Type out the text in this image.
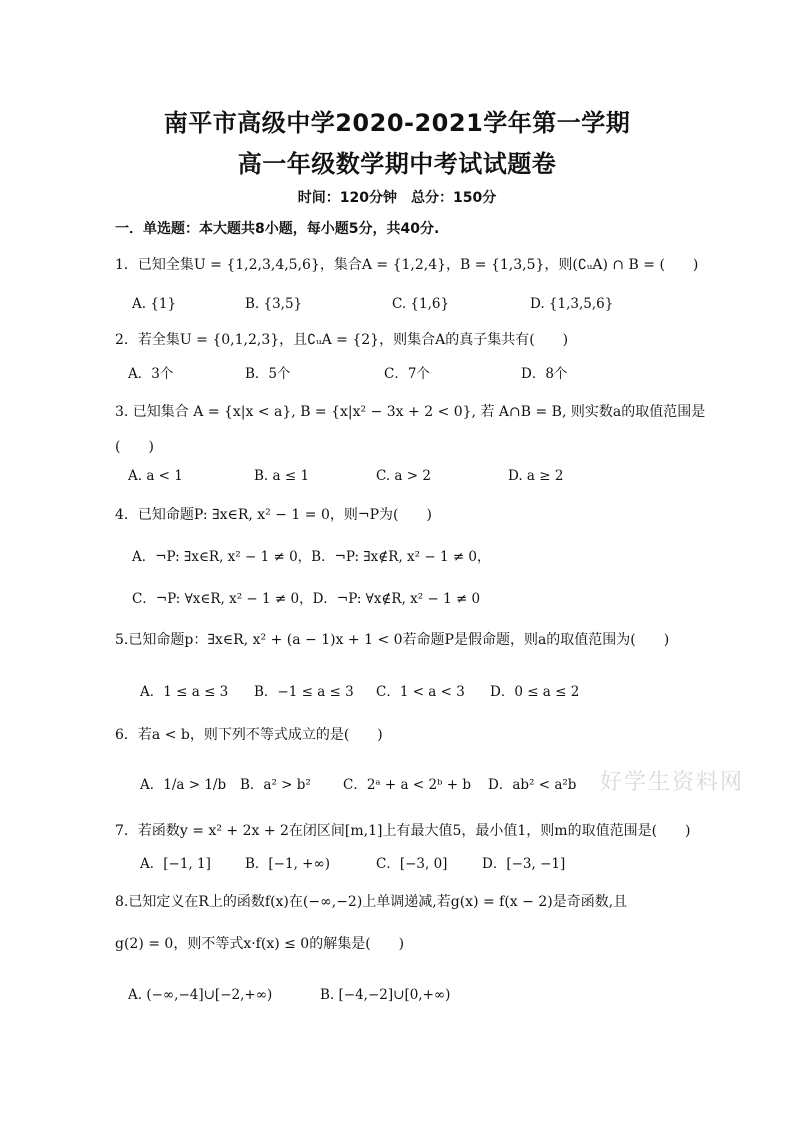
南平市高级中学2020-2021学年第一学期
高一年级数学期中考试试题卷
时间：120分钟　总分：150分
一．单选题：本大题共8小题，每小题5分，共40分.
1．已知全集U = {1,2,3,4,5,6}，集合A = {1,2,4}，B = {1,3,5}，则(∁ᵤA) ∩ B = (　　)
A. {1}	B. {3,5}	C. {1,6}	D. {1,3,5,6}
2．若全集U = {0,1,2,3}，且∁ᵤA = {2}，则集合A的真子集共有(　　)
A．3个	B．5个	C．7个	D．8个
3. 已知集合 A = {x|x < a}, B = {x|x² − 3x + 2 < 0}, 若 A∩B = B, 则实数a的取值范围是
(　　)
A. a < 1	B. a ≤ 1	C. a > 2	D. a ≥ 2
4．已知命题P: ∃x∈R, x² − 1 = 0，则¬P为(　　)
A．¬P: ∃x∈R, x² − 1 ≠ 0，B．¬P: ∃x∉R, x² − 1 ≠ 0，
C．¬P: ∀x∈R, x² − 1 ≠ 0，D．¬P: ∀x∉R, x² − 1 ≠ 0
5.已知命题p：∃x∈R, x² + (a − 1)x + 1 < 0若命题P是假命题，则a的取值范围为(　　)
A．1 ≤ a ≤ 3 B．−1 ≤ a ≤ 3 C．1 < a < 3 D．0 ≤ a ≤ 2
6．若a < b，则下列不等式成立的是(　　)
A．1/a > 1/b B．a² > b² C．2ᵃ + a < 2ᵇ + b D．ab² < a²b 好学生资料网
7．若函数y = x² + 2x + 2在闭区间[m,1]上有最大值5，最小值1，则m的取值范围是(　　)
A．[−1, 1]	B．[−1, +∞)	C．[−3, 0]	D．[−3, −1]
8.已知定义在R上的函数f(x)在(−∞,−2)上单调递减,若g(x) = f(x − 2)是奇函数,且
g(2) = 0，则不等式x·f(x) ≤ 0的解集是(　　)
A. (−∞,−4]∪[−2,+∞)	B. [−4,−2]∪[0,+∞)
